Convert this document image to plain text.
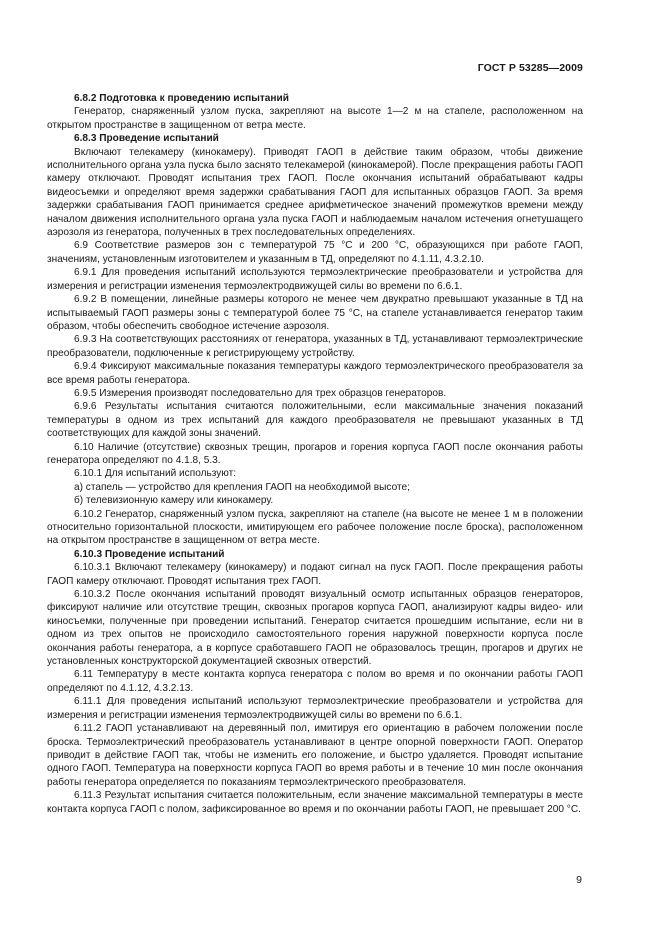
ГОСТ Р 53285—2009

6.8.2 Подготовка к проведению испытаний

Генератор, снаряженный узлом пуска, закрепляют на высоте 1—2 м на стапеле, расположенном на открытом пространстве в защищенном от ветра месте.

6.8.3 Проведение испытаний

Включают телекамеру (кинокамеру). Приводят ГАОП в действие таким образом, чтобы движение исполнительного органа узла пуска было заснято телекамерой (кинокамерой). После прекращения работы ГАОП камеру отключают. Проводят испытания трех ГАОП. После окончания испытаний обрабатывают кадры видеосъемки и определяют время задержки срабатывания ГАОП для испытанных образцов ГАОП. За время задержки срабатывания ГАОП принимается среднее арифметическое значений промежутков времени между началом движения исполнительного органа узла пуска ГАОП и наблюдаемым началом истечения огнетушащего аэрозоля из генератора, полученных в трех последовательных определениях.

6.9 Соответствие размеров зон с температурой 75 °С и 200 °С, образующихся при работе ГАОП, значениям, установленным изготовителем и указанным в ТД, определяют по 4.1.11, 4.3.2.10.

6.9.1 Для проведения испытаний используются термоэлектрические преобразователи и устройства для измерения и регистрации изменения термоэлектродвижущей силы во времени по 6.6.1.

6.9.2 В помещении, линейные размеры которого не менее чем двукратно превышают указанные в ТД на испытываемый ГАОП размеры зоны с температурой более 75 °С, на стапеле устанавливается генератор таким образом, чтобы обеспечить свободное истечение аэрозоля.

6.9.3 На соответствующих расстояниях от генератора, указанных в ТД, устанавливают термоэлектрические преобразователи, подключенные к регистрирующему устройству.

6.9.4 Фиксируют максимальные показания температуры каждого термоэлектрического преобразователя за все время работы генератора.

6.9.5 Измерения производят последовательно для трех образцов генераторов.

6.9.6 Результаты испытания считаются положительными, если максимальные значения показаний температуры в одном из трех испытаний для каждого преобразователя не превышают указанных в ТД соответствующих для каждой зоны значений.

6.10 Наличие (отсутствие) сквозных трещин, прогаров и горения корпуса ГАОП после окончания работы генератора определяют по 4.1.8, 5.3.

6.10.1 Для испытаний используют:

а) стапель — устройство для крепления ГАОП на необходимой высоте;

б) телевизионную камеру или кинокамеру.

6.10.2 Генератор, снаряженный узлом пуска, закрепляют на стапеле (на высоте не менее 1 м в положении относительно горизонтальной плоскости, имитирующем его рабочее положение после броска), расположенном на открытом пространстве в защищенном от ветра месте.

6.10.3 Проведение испытаний

6.10.3.1 Включают телекамеру (кинокамеру) и подают сигнал на пуск ГАОП. После прекращения работы ГАОП камеру отключают. Проводят испытания трех ГАОП.

6.10.3.2 После окончания испытаний проводят визуальный осмотр испытанных образцов генераторов, фиксируют наличие или отсутствие трещин, сквозных прогаров корпуса ГАОП, анализируют кадры видео- или киносъемки, полученные при проведении испытаний. Генератор считается прошедшим испытание, если ни в одном из трех опытов не происходило самостоятельного горения наружной поверхности корпуса после окончания работы генератора, а в корпусе сработавшего ГАОП не образовалось трещин, прогаров и других не установленных конструкторской документацией сквозных отверстий.

6.11 Температуру в месте контакта корпуса генератора с полом во время и по окончании работы ГАОП определяют по 4.1.12, 4.3.2.13.

6.11.1 Для проведения испытаний используют термоэлектрические преобразователи и устройства для измерения и регистрации изменения термоэлектродвижущей силы во времени по 6.6.1.

6.11.2 ГАОП устанавливают на деревянный пол, имитируя его ориентацию в рабочем положении после броска. Термоэлектрический преобразователь устанавливают в центре опорной поверхности ГАОП. Оператор приводит в действие ГАОП так, чтобы не изменить его положение, и быстро удаляется. Проводят испытание одного ГАОП. Температура на поверхности корпуса ГАОП во время работы и в течение 10 мин после окончания работы генератора определяется по показаниям термоэлектрического преобразователя.

6.11.3 Результат испытания считается положительным, если значение максимальной температуры в месте контакта корпуса ГАОП с полом, зафиксированное во время и по окончании работы ГАОП, не превышает 200 °С.

9
